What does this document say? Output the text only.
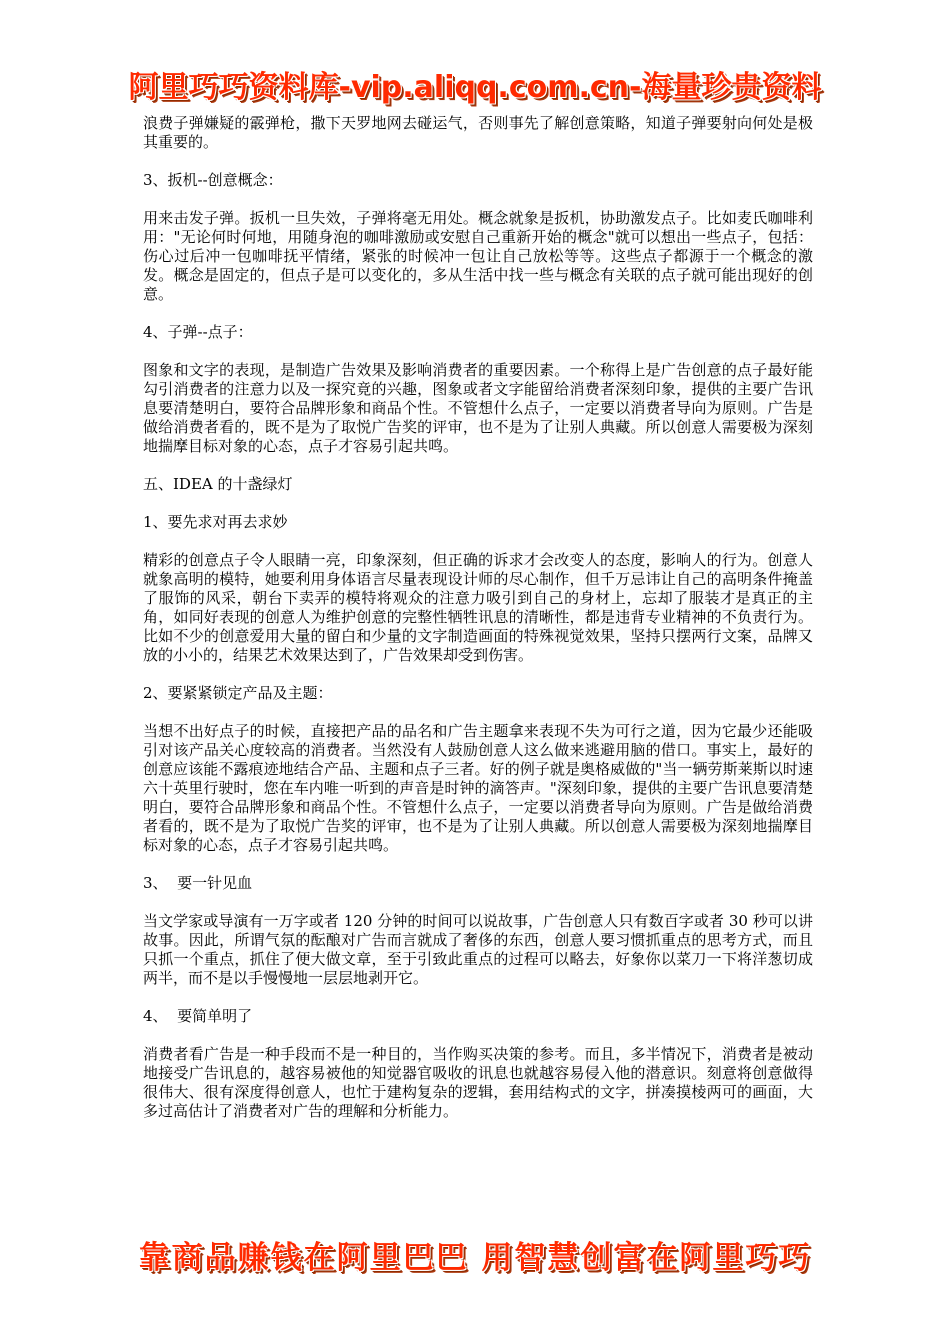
阿里巧巧资料库-vip.aliqq.com.cn-海量珍贵资料

浪费子弹嫌疑的霰弹枪，撒下天罗地网去碰运气，否则事先了解创意策略，知道子弹要射向何处是极其重要的。

3、扳机--创意概念：

用来击发子弹。扳机一旦失效，子弹将毫无用处。概念就象是扳机，协助激发点子。比如麦氏咖啡利用："无论何时何地，用随身泡的咖啡激励或安慰自己重新开始的概念"就可以想出一些点子，包括：伤心过后冲一包咖啡抚平情绪，紧张的时候冲一包让自己放松等等。这些点子都源于一个概念的激发。概念是固定的，但点子是可以变化的，多从生活中找一些与概念有关联的点子就可能出现好的创意。

4、子弹--点子：

图象和文字的表现，是制造广告效果及影响消费者的重要因素。一个称得上是广告创意的点子最好能勾引消费者的注意力以及一探究竟的兴趣，图象或者文字能留给消费者深刻印象，提供的主要广告讯息要清楚明白，要符合品牌形象和商品个性。不管想什么点子，一定要以消费者导向为原则。广告是做给消费者看的，既不是为了取悦广告奖的评审，也不是为了让别人典藏。所以创意人需要极为深刻地揣摩目标对象的心态，点子才容易引起共鸣。

五、IDEA 的十盏绿灯

1、要先求对再去求妙

精彩的创意点子令人眼睛一亮，印象深刻，但正确的诉求才会改变人的态度，影响人的行为。创意人就象高明的模特，她要利用身体语言尽量表现设计师的尽心制作，但千万忌讳让自己的高明条件掩盖了服饰的风采，朝台下卖弄的模特将观众的注意力吸引到自己的身材上，忘却了服装才是真正的主角，如同好表现的创意人为维护创意的完整性牺牲讯息的清晰性，都是违背专业精神的不负责行为。比如不少的创意爱用大量的留白和少量的文字制造画面的特殊视觉效果，坚持只摆两行文案，品牌又放的小小的，结果艺术效果达到了，广告效果却受到伤害。

2、要紧紧锁定产品及主题：

当想不出好点子的时候，直接把产品的品名和广告主题拿来表现不失为可行之道，因为它最少还能吸引对该产品关心度较高的消费者。当然没有人鼓励创意人这么做来逃避用脑的借口。事实上，最好的创意应该能不露痕迹地结合产品、主题和点子三者。好的例子就是奥格威做的"当一辆劳斯莱斯以时速六十英里行驶时，您在车内唯一听到的声音是时钟的滴答声。"深刻印象，提供的主要广告讯息要清楚明白，要符合品牌形象和商品个性。不管想什么点子，一定要以消费者导向为原则。广告是做给消费者看的，既不是为了取悦广告奖的评审，也不是为了让别人典藏。所以创意人需要极为深刻地揣摩目标对象的心态，点子才容易引起共鸣。

3、  要一针见血

当文学家或导演有一万字或者 120 分钟的时间可以说故事，广告创意人只有数百字或者 30 秒可以讲故事。因此，所谓气氛的酝酿对广告而言就成了奢侈的东西，创意人要习惯抓重点的思考方式，而且只抓一个重点，抓住了便大做文章，至于引致此重点的过程可以略去，好象你以菜刀一下将洋葱切成两半，而不是以手慢慢地一层层地剥开它。

4、  要简单明了

消费者看广告是一种手段而不是一种目的，当作购买决策的参考。而且，多半情况下，消费者是被动地接受广告讯息的，越容易被他的知觉器官吸收的讯息也就越容易侵入他的潜意识。刻意将创意做得很伟大、很有深度得创意人，也忙于建构复杂的逻辑，套用结构式的文字，拼凑摸棱两可的画面，大多过高估计了消费者对广告的理解和分析能力。

靠商品赚钱在阿里巴巴 用智慧创富在阿里巧巧
